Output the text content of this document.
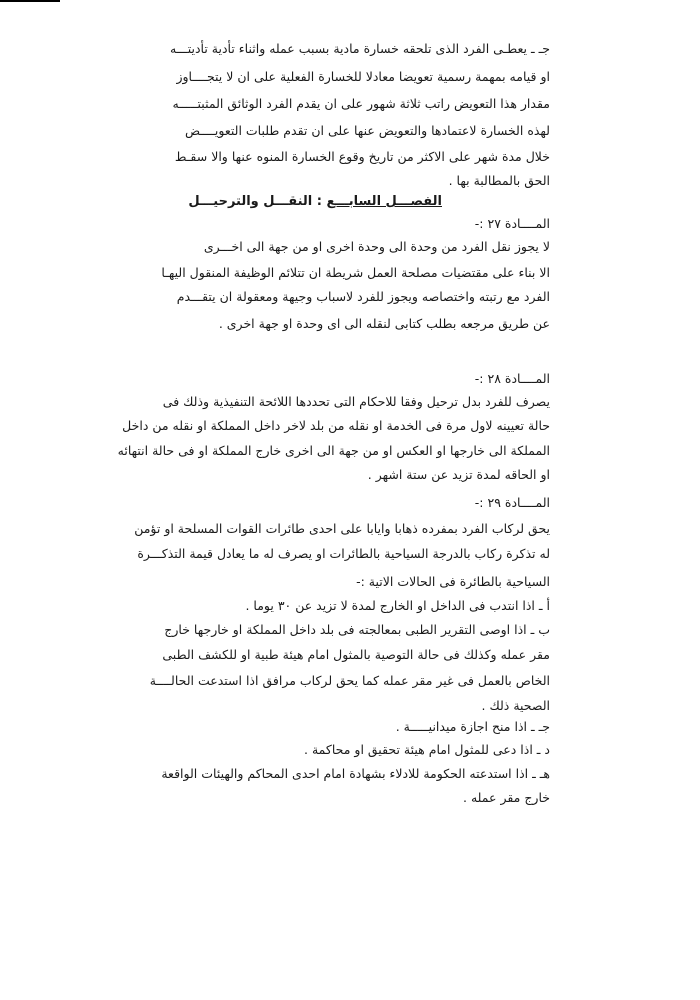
جـ ـ يعطـى الفرد الذى تلحقه خسارة مادية بسبب عمله واثناء تأدية تأديتـــه

او قيامه بمهمة رسمية تعويضا معادلا للخسارة الفعلية على ان لا يتجــــاوز

مقدار هذا التعويض راتب ثلاثة شهور على ان يقدم الفرد الوثائق المثبتـــــه

لهذه الخسارة لاعتمادها والتعويض عنها على ان تقدم طلبات التعويــــض

خلال مدة شهر على الاكثر من تاريخ وقوع الخسارة المنوه عنها والا سقـط

الحق بالمطالبة بها .

الفصـــل السابـــع : النقـــل والترحيـــل

المــــادة ٢٧ :-

لا يجوز نقل الفرد من وحدة الى وحدة اخرى او من جهة الى اخـــرى

الا بناء على مقتضيات مصلحة العمل شريطة ان تتلائم الوظيفة المنقول اليهـا

الفرد مع رتبته واختصاصه ويجوز للفرد لاسباب وجيهة ومعقولة ان يتقـــدم

عن طريق مرجعه بطلب كتابى لنقله الى اى وحدة او جهة اخرى .

المــــادة ٢٨ :-

يصرف للفرد بدل ترحيل وفقا للاحكام التى تحددها اللائحة التنفيذية وذلك فى

حالة تعيينه لاول مرة فى الخدمة او نقله من بلد لاخر داخل المملكة او نقله من داخل

المملكة الى خارجها او العكس او من جهة الى اخرى خارج المملكة او فى حالة انتهائه

او الحاقه لمدة تزيد عن ستة اشهر .

المــــادة ٢٩ :-

يحق لركاب الفرد بمفرده ذهابا وايابا على احدى طائرات القوات المسلحة او تؤمن

له تذكرة ركاب بالدرجة السياحية بالطائرات او يصرف له ما يعادل قيمة التذكـــرة

السياحية بالطائرة فى الحالات الاتية :-

أ ـ اذا انتدب فى الداخل او الخارج لمدة لا تزيد عن ٣٠ يوما .

ب ـ اذا اوصى التقرير الطبى بمعالجته فى بلد داخل المملكة او خارجها خارج

مقر عمله وكذلك فى حالة التوصية بالمثول امام هيئة طبية او للكشف الطبى

الخاص بالعمل فى غير مقر عمله كما يحق لركاب مرافق اذا استدعت الحالــــة

الصحية ذلك .

جـ ـ اذا منح اجازة ميدانيـــــة .

د ـ اذا دعى للمثول امام هيئة تحقيق او محاكمة .

هـ ـ اذا استدعته الحكومة للادلاء بشهادة امام احدى المحاكم والهيئات الواقعة

خارج مقر عمله .
